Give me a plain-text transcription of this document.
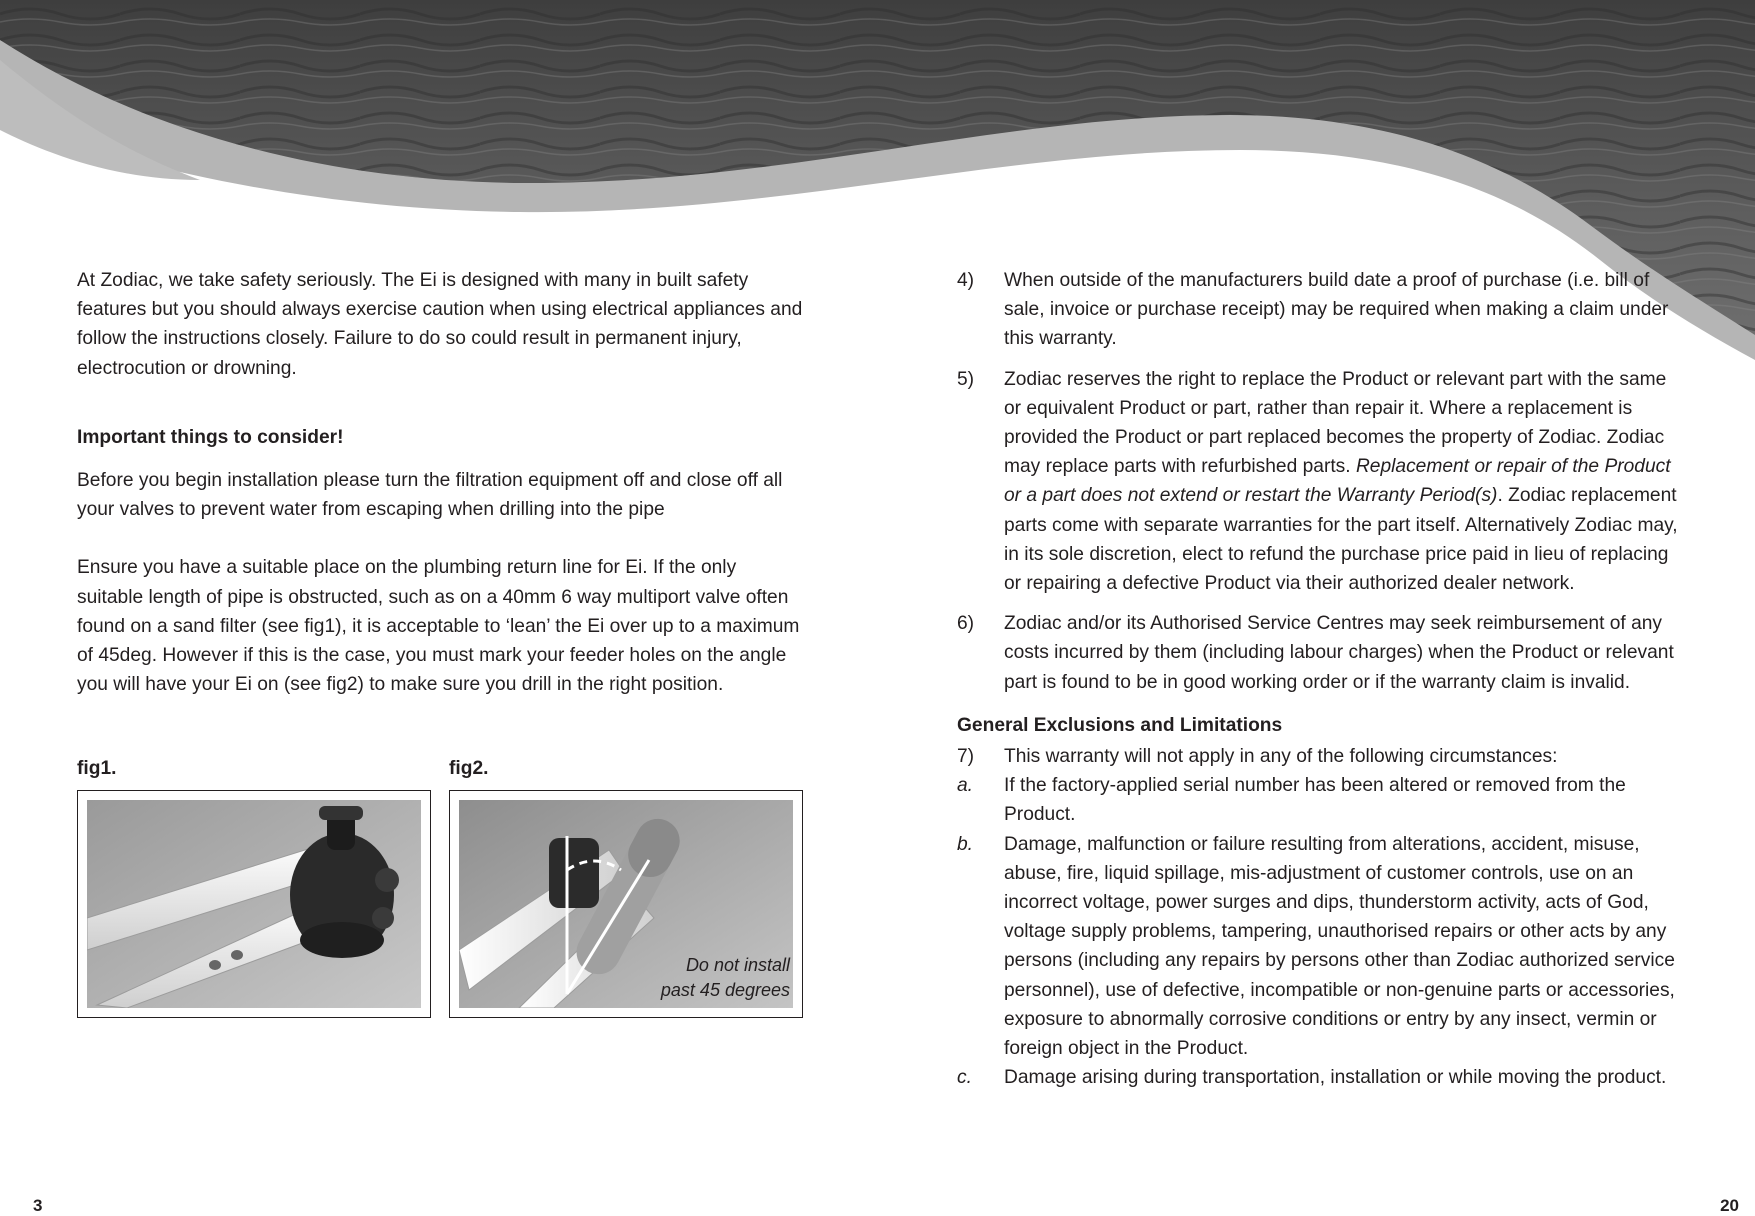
At Zodiac, we take safety seriously. The Ei is designed with many in built safety features but you should always exercise caution when using electrical appliances and follow the instructions closely. Failure to do so could result in permanent injury, electrocution or drowning.

Important things to consider!

Before you begin installation please turn the filtration equipment off and close off all your valves to prevent water from escaping when drilling into the pipe

Ensure you have a suitable place on the plumbing return line for Ei. If the only suitable length of pipe is obstructed, such as on a 40mm 6 way multiport valve often found on a sand filter (see fig1), it is acceptable to ‘lean’ the Ei over up to a maximum of 45deg. However if this is the case, you must mark your feeder holes on the angle you will have your Ei on (see fig2) to make sure you drill in the right position.

fig1.	fig2.
Do not install
past 45 degrees
3
4)	When outside of the manufacturers build date a proof of purchase (i.e. bill of sale, invoice or purchase receipt) may be required when making a claim under this warranty.
5)	Zodiac reserves the right to replace the Product or relevant part with the same or equivalent Product or part, rather than repair it. Where a replacement is provided the Product or part replaced becomes the property of Zodiac. Zodiac may replace parts with refurbished parts. Replacement or repair of the Product or a part does not extend or restart the Warranty Period(s). Zodiac replacement parts come with separate warranties for the part itself. Alternatively Zodiac may, in its sole discretion, elect to refund the purchase price paid in lieu of replacing or repairing a defective Product via their authorized dealer network.
6)	Zodiac and/or its Authorised Service Centres may seek reimbursement of any costs incurred by them (including labour charges) when the Product or relevant part is found to be in good working order or if the warranty claim is invalid.

General Exclusions and Limitations

7)	This warranty will not apply in any of the following circumstances:
a.	If the factory-applied serial number has been altered or removed from the Product.
b.	Damage, malfunction or failure resulting from alterations, accident, misuse, abuse, fire, liquid spillage, mis-adjustment of customer controls, use on an incorrect voltage, power surges and dips, thunderstorm activity, acts of God, voltage supply problems, tampering, unauthorised repairs or other acts by any persons (including any repairs by persons other than Zodiac authorized service personnel), use of defective, incompatible or non-genuine parts or accessories, exposure to abnormally corrosive conditions or entry by any insect, vermin or foreign object in the Product.
c.	Damage arising during transportation, installation or while moving the product.
20
